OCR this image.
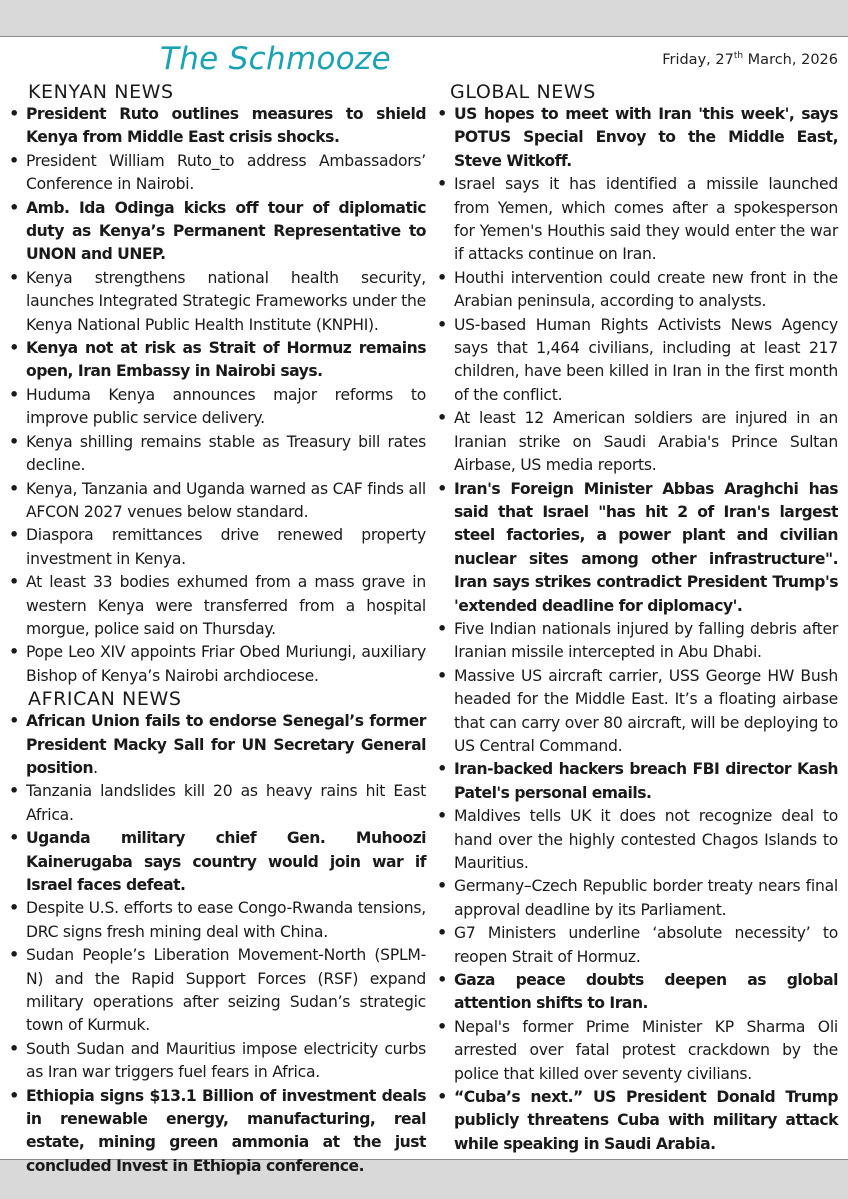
The Schmooze	Friday, 27th March, 2026
KENYAN NEWS
• President Ruto outlines measures to shield Kenya from Middle East crisis shocks.
• President William Ruto_to address Ambassadors’ Conference in Nairobi.
• Amb. Ida Odinga kicks off tour of diplomatic duty as Kenya’s Permanent Representative to UNON and UNEP.
• Kenya strengthens national health security, launches Integrated Strategic Frameworks under the Kenya National Public Health Institute (KNPHI).
• Kenya not at risk as Strait of Hormuz remains open, Iran Embassy in Nairobi says.
• Huduma Kenya announces major reforms to improve public service delivery.
• Kenya shilling remains stable as Treasury bill rates decline.
• Kenya, Tanzania and Uganda warned as CAF finds all AFCON 2027 venues below standard.
• Diaspora remittances drive renewed property investment in Kenya.
• At least 33 bodies exhumed from a mass grave in western Kenya were transferred from a hospital morgue, police said on Thursday.
• Pope Leo XIV appoints Friar Obed Muriungi, auxiliary Bishop of Kenya’s Nairobi archdiocese.
AFRICAN NEWS
• African Union fails to endorse Senegal’s former President Macky Sall for UN Secretary General position.
• Tanzania landslides kill 20 as heavy rains hit East Africa.
• Uganda military chief Gen. Muhoozi Kainerugaba says country would join war if Israel faces defeat.
• Despite U.S. efforts to ease Congo-Rwanda tensions, DRC signs fresh mining deal with China.
• Sudan People’s Liberation Movement-North (SPLM-N) and the Rapid Support Forces (RSF) expand military operations after seizing Sudan’s strategic town of Kurmuk.
• South Sudan and Mauritius impose electricity curbs as Iran war triggers fuel fears in Africa.
• Ethiopia signs $13.1 Billion of investment deals in renewable energy, manufacturing, real estate, mining green ammonia at the just concluded Invest in Ethiopia conference.
GLOBAL NEWS
• US hopes to meet with Iran 'this week', says POTUS Special Envoy to the Middle East, Steve Witkoff.
• Israel says it has identified a missile launched from Yemen, which comes after a spokesperson for Yemen's Houthis said they would enter the war if attacks continue on Iran.
• Houthi intervention could create new front in the Arabian peninsula, according to analysts.
• US-based Human Rights Activists News Agency says that 1,464 civilians, including at least 217 children, have been killed in Iran in the first month of the conflict.
• At least 12 American soldiers are injured in an Iranian strike on Saudi Arabia's Prince Sultan Airbase, US media reports.
• Iran's Foreign Minister Abbas Araghchi has said that Israel "has hit 2 of Iran's largest steel factories, a power plant and civilian nuclear sites among other infrastructure". Iran says strikes contradict President Trump's 'extended deadline for diplomacy'.
• Five Indian nationals injured by falling debris after Iranian missile intercepted in Abu Dhabi.
• Massive US aircraft carrier, USS George HW Bush headed for the Middle East. It’s a floating airbase that can carry over 80 aircraft, will be deploying to US Central Command.
• Iran-backed hackers breach FBI director Kash Patel's personal emails.
• Maldives tells UK it does not recognize deal to hand over the highly contested Chagos Islands to Mauritius.
• Germany–Czech Republic border treaty nears final approval deadline by its Parliament.
• G7 Ministers underline ‘absolute necessity’ to reopen Strait of Hormuz.
• Gaza peace doubts deepen as global attention shifts to Iran.
• Nepal's former Prime Minister KP Sharma Oli arrested over fatal protest crackdown by the police that killed over seventy civilians.
• “Cuba’s next.” US President Donald Trump publicly threatens Cuba with military attack while speaking in Saudi Arabia.
